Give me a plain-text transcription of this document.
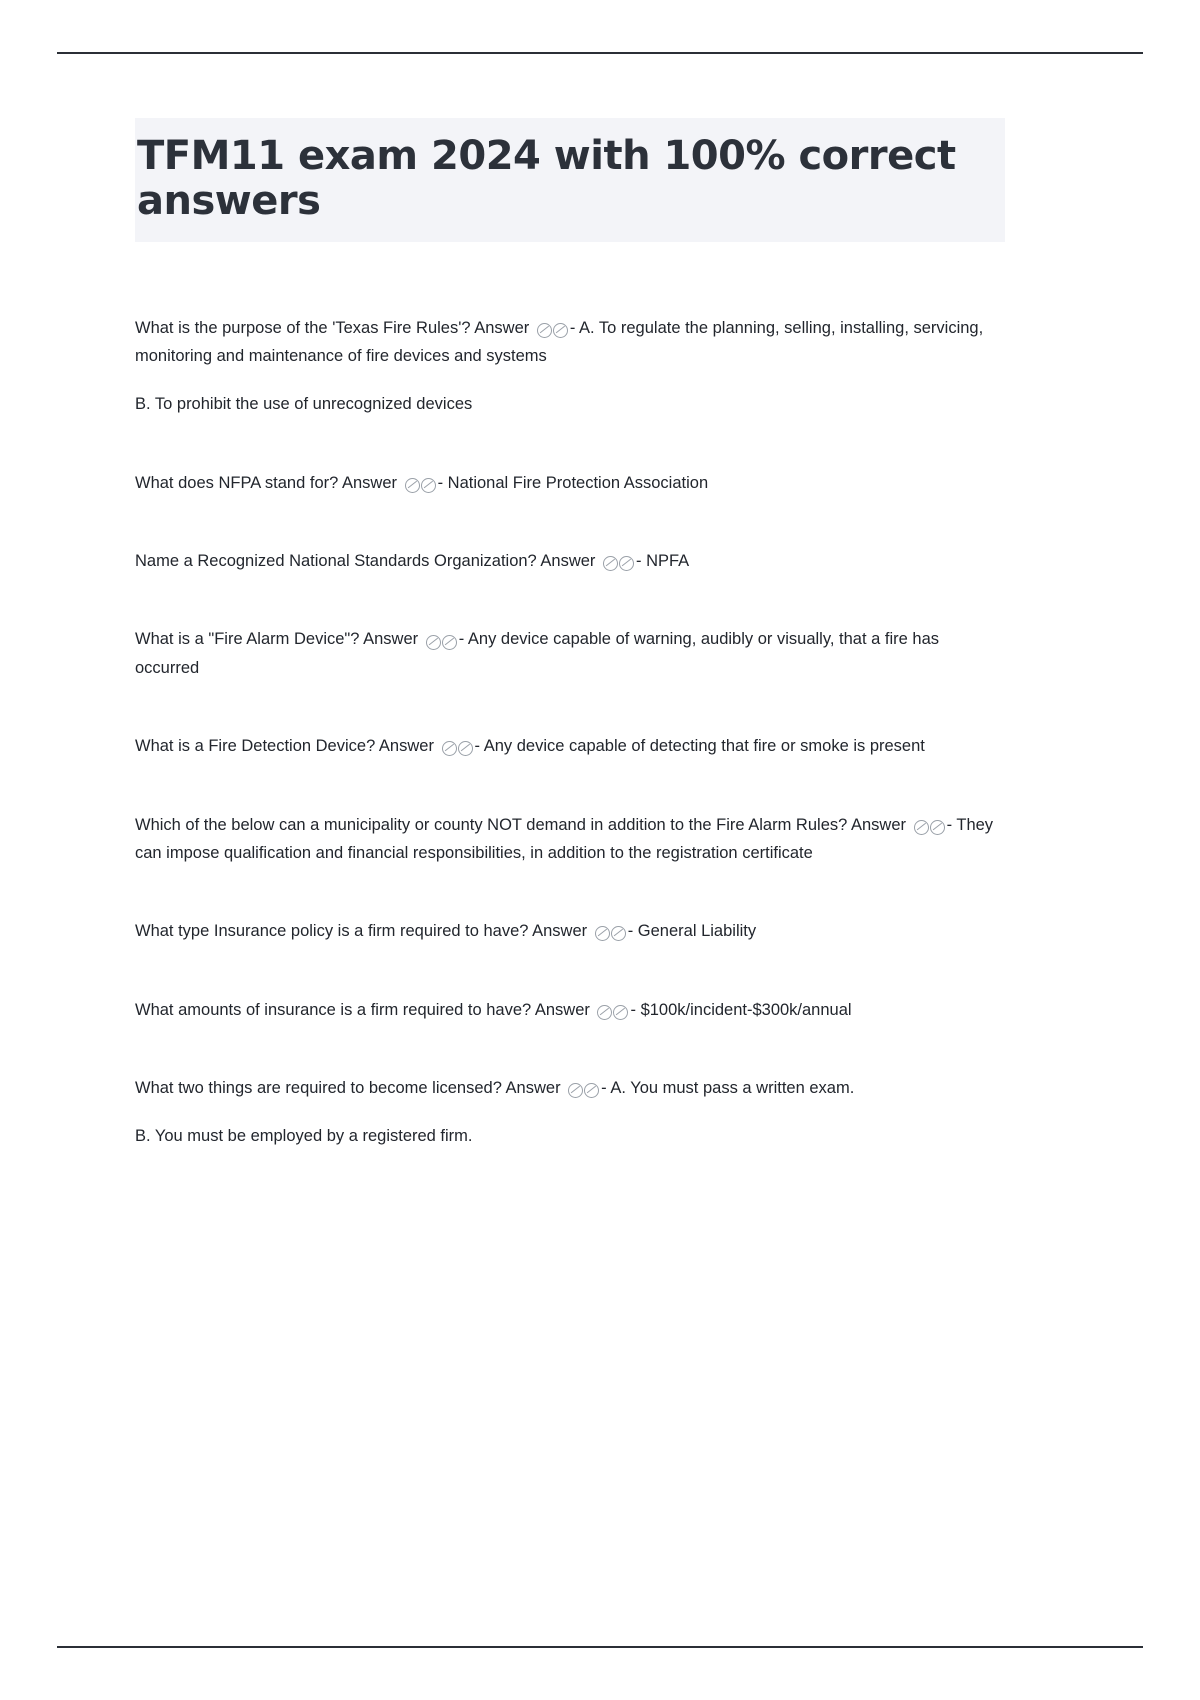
TFM11 exam 2024 with 100% correct answers

What is the purpose of the 'Texas Fire Rules'? Answer - A. To regulate the planning, selling, installing, servicing, monitoring and maintenance of fire devices and systems

B. To prohibit the use of unrecognized devices

What does NFPA stand for? Answer - National Fire Protection Association

Name a Recognized National Standards Organization? Answer - NPFA

What is a "Fire Alarm Device"? Answer - Any device capable of warning, audibly or visually, that a fire has occurred

What is a Fire Detection Device? Answer - Any device capable of detecting that fire or smoke is present

Which of the below can a municipality or county NOT demand in addition to the Fire Alarm Rules? Answer - They can impose qualification and financial responsibilities, in addition to the registration certificate

What type Insurance policy is a firm required to have? Answer - General Liability

What amounts of insurance is a firm required to have? Answer - $100k/incident-$300k/annual

What two things are required to become licensed? Answer - A. You must pass a written exam.

B. You must be employed by a registered firm.
